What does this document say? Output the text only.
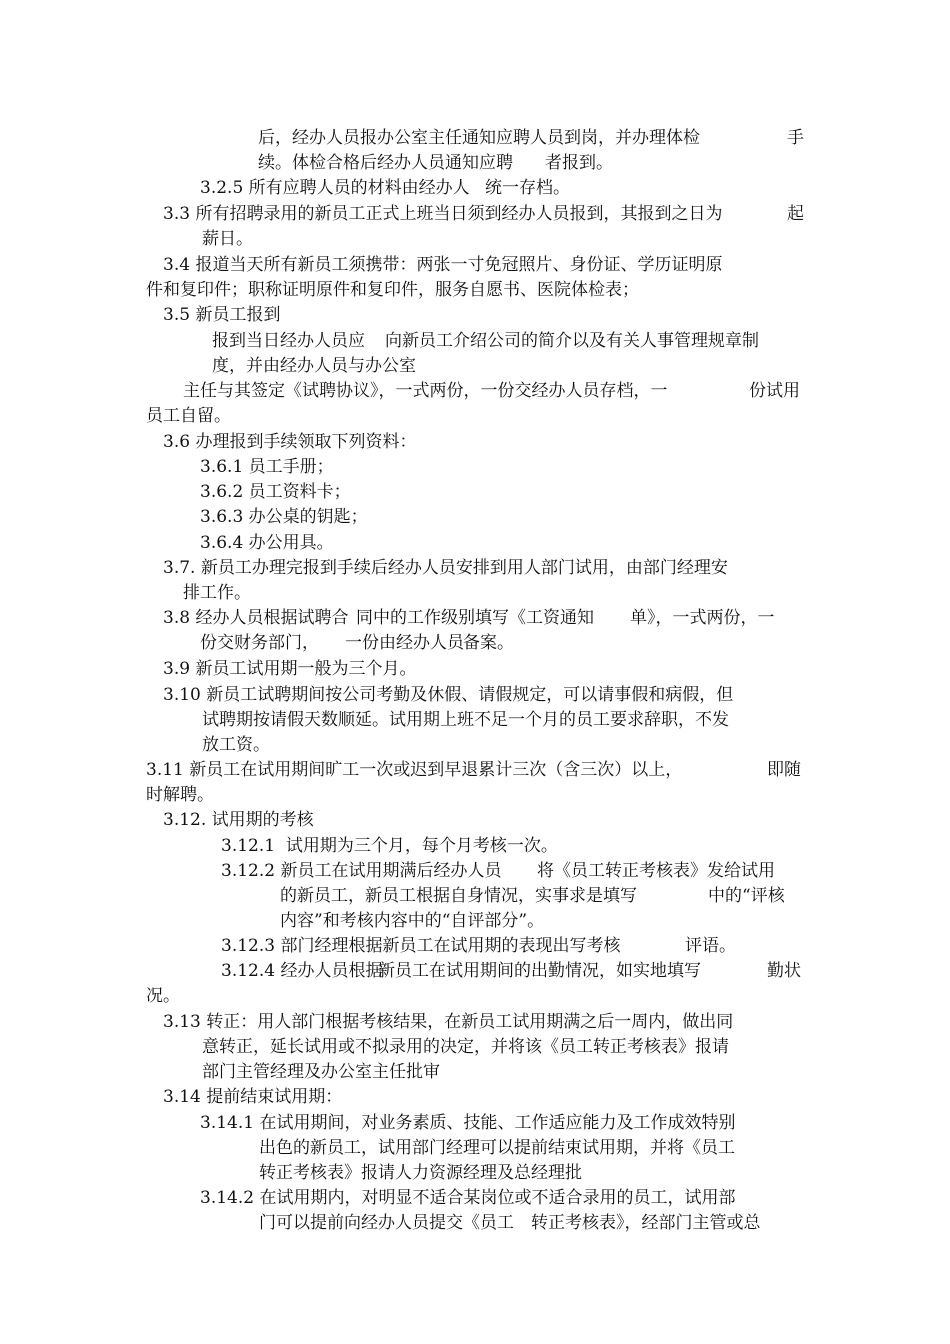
后，经办人员报办公室主任通知应聘人员到岗，并办理体检	手
续。体检合格后经办人员通知应聘 者报到。
3.2.5 所有应聘人员的材料由经办人 统一存档。
3.3 所有招聘录用的新员工正式上班当日须到经办人员报到，其报到之日为	起
薪日。
3.4 报道当天所有新员工须携带：两张一寸免冠照片、身份证、学历证明原
件和复印件；职称证明原件和复印件，服务自愿书、医院体检表；
3.5 新员工报到
报到当日经办人员应 向新员工介绍公司的简介以及有关人事管理规章制
度，并由经办人员与办公室
主任与其签定《试聘协议》，一式两份，一份交经办人员存档，一	份试用
员工自留。
3.6 办理报到手续领取下列资料：
3.6.1 员工手册；
3.6.2 员工资料卡；
3.6.3 办公桌的钥匙；
3.6.4 办公用具。
3.7. 新员工办理完报到手续后经办人员安排到用人部门试用，由部门经理安
排工作。
3.8 经办人员根据试聘合 同中的工作级别填写《工资通知 单》，一式两份，一
份交财务部门， 一份由经办人员 备案。
3.9 新员工试用期一般为三个月。
3.10 新员工试聘期间按公司考勤及休假、请假规定，可以请事假和病假，但
试聘期按请假天数顺延。试用期上班不足一个月的员工要求辞职，不发
放工资。
3.11 新员工在试用期间旷工一次或迟到早退累计三次（含三次）以上，	即随
时解聘。
3.12. 试用期的考核
3.12.1  试用期为三个月，每个月考核一次。
3.12.2 新员工在试用期满后经办人员 将《员工转正考核表》发给试用
的新员工，新员工根据自身情况，实事求是填写	中的“评核
内容”和考核内容中的“自评部分”。
3.12.3 部门经理根据新员工在试用期的表现出写考核	评语。
3.12.4 经办人员根据
新员工在试用期间的出勤情况，如实地填写	勤状
况。
3.13 转正：用人部门根据考核结果，在新员工试用期满之后一周内，做出同
意转正，延长试用或不拟录用的决定，并将该《员工转正考核表》报请
部门主管经理及办公室主任批审
3.14 提前结束试用期：
3.14.1 在试用期间，对业务素质、技能、工作适应能力及工作成效特别
出色的新员工，试用部门经理可以提前结束试用期，并将《员工
转正考核表》报请人力资源经理及总经理批
3.14.2 在试用期内，对明显不适合某岗位或不适合录用的员工，试用部
门可以提前向经办人员提交《员工 转正考核表》，经部门主管或总
